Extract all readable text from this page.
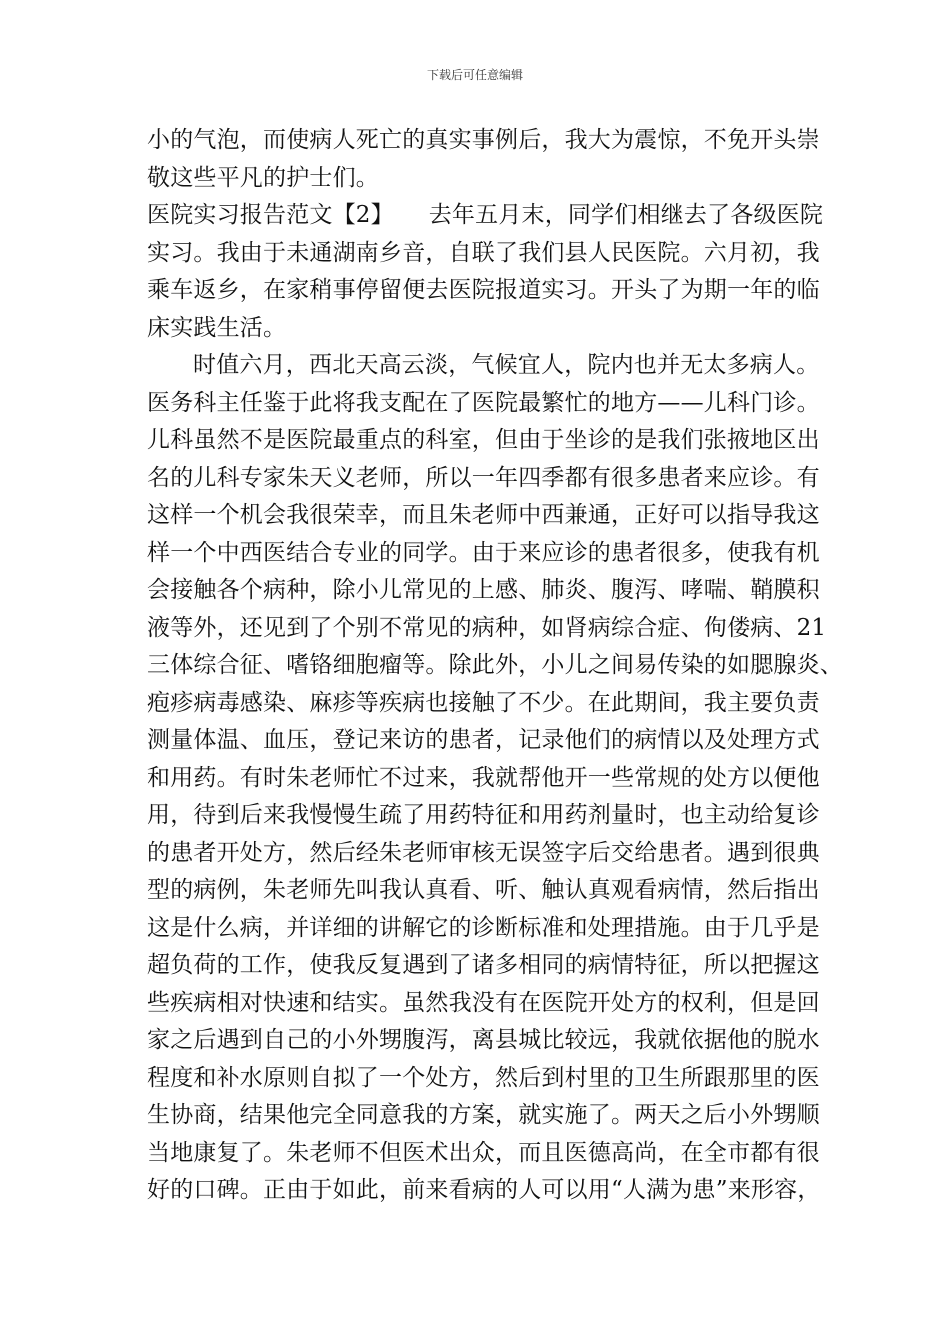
下载后可任意编辑
小的气泡，而使病人死亡的真实事例后，我大为震惊，不免开头崇
敬这些平凡的护士们。
医院实习报告范文【2】　　去年五月末，同学们相继去了各级医院
实习。我由于未通湖南乡音，自联了我们县人民医院。六月初，我
乘车返乡，在家稍事停留便去医院报道实习。开头了为期一年的临
床实践生活。
时值六月，西北天高云淡，气候宜人，院内也并无太多病人。
医务科主任鉴于此将我支配在了医院最繁忙的地方——儿科门诊。
儿科虽然不是医院最重点的科室，但由于坐诊的是我们张掖地区出
名的儿科专家朱天义老师，所以一年四季都有很多患者来应诊。有
这样一个机会我很荣幸，而且朱老师中西兼通，正好可以指导我这
样一个中西医结合专业的同学。由于来应诊的患者很多，使我有机
会接触各个病种，除小儿常见的上感、肺炎、腹泻、哮喘、鞘膜积
液等外，还见到了个别不常见的病种，如肾病综合症、佝偻病、21
三体综合征、嗜铬细胞瘤等。除此外，小儿之间易传染的如腮腺炎、
疱疹病毒感染、麻疹等疾病也接触了不少。在此期间，我主要负责
测量体温、血压，登记来访的患者，记录他们的病情以及处理方式
和用药。有时朱老师忙不过来，我就帮他开一些常规的处方以便他
用，待到后来我慢慢生疏了用药特征和用药剂量时，也主动给复诊
的患者开处方，然后经朱老师审核无误签字后交给患者。遇到很典
型的病例，朱老师先叫我认真看、听、触认真观看病情，然后指出
这是什么病，并详细的讲解它的诊断标准和处理措施。由于几乎是
超负荷的工作，使我反复遇到了诸多相同的病情特征，所以把握这
些疾病相对快速和结实。虽然我没有在医院开处方的权利，但是回
家之后遇到自己的小外甥腹泻，离县城比较远，我就依据他的脱水
程度和补水原则自拟了一个处方，然后到村里的卫生所跟那里的医
生协商，结果他完全同意我的方案，就实施了。两天之后小外甥顺
当地康复了。朱老师不但医术出众，而且医德高尚，在全市都有很
好的口碑。正由于如此，前来看病的人可以用“人满为患”来形容，
